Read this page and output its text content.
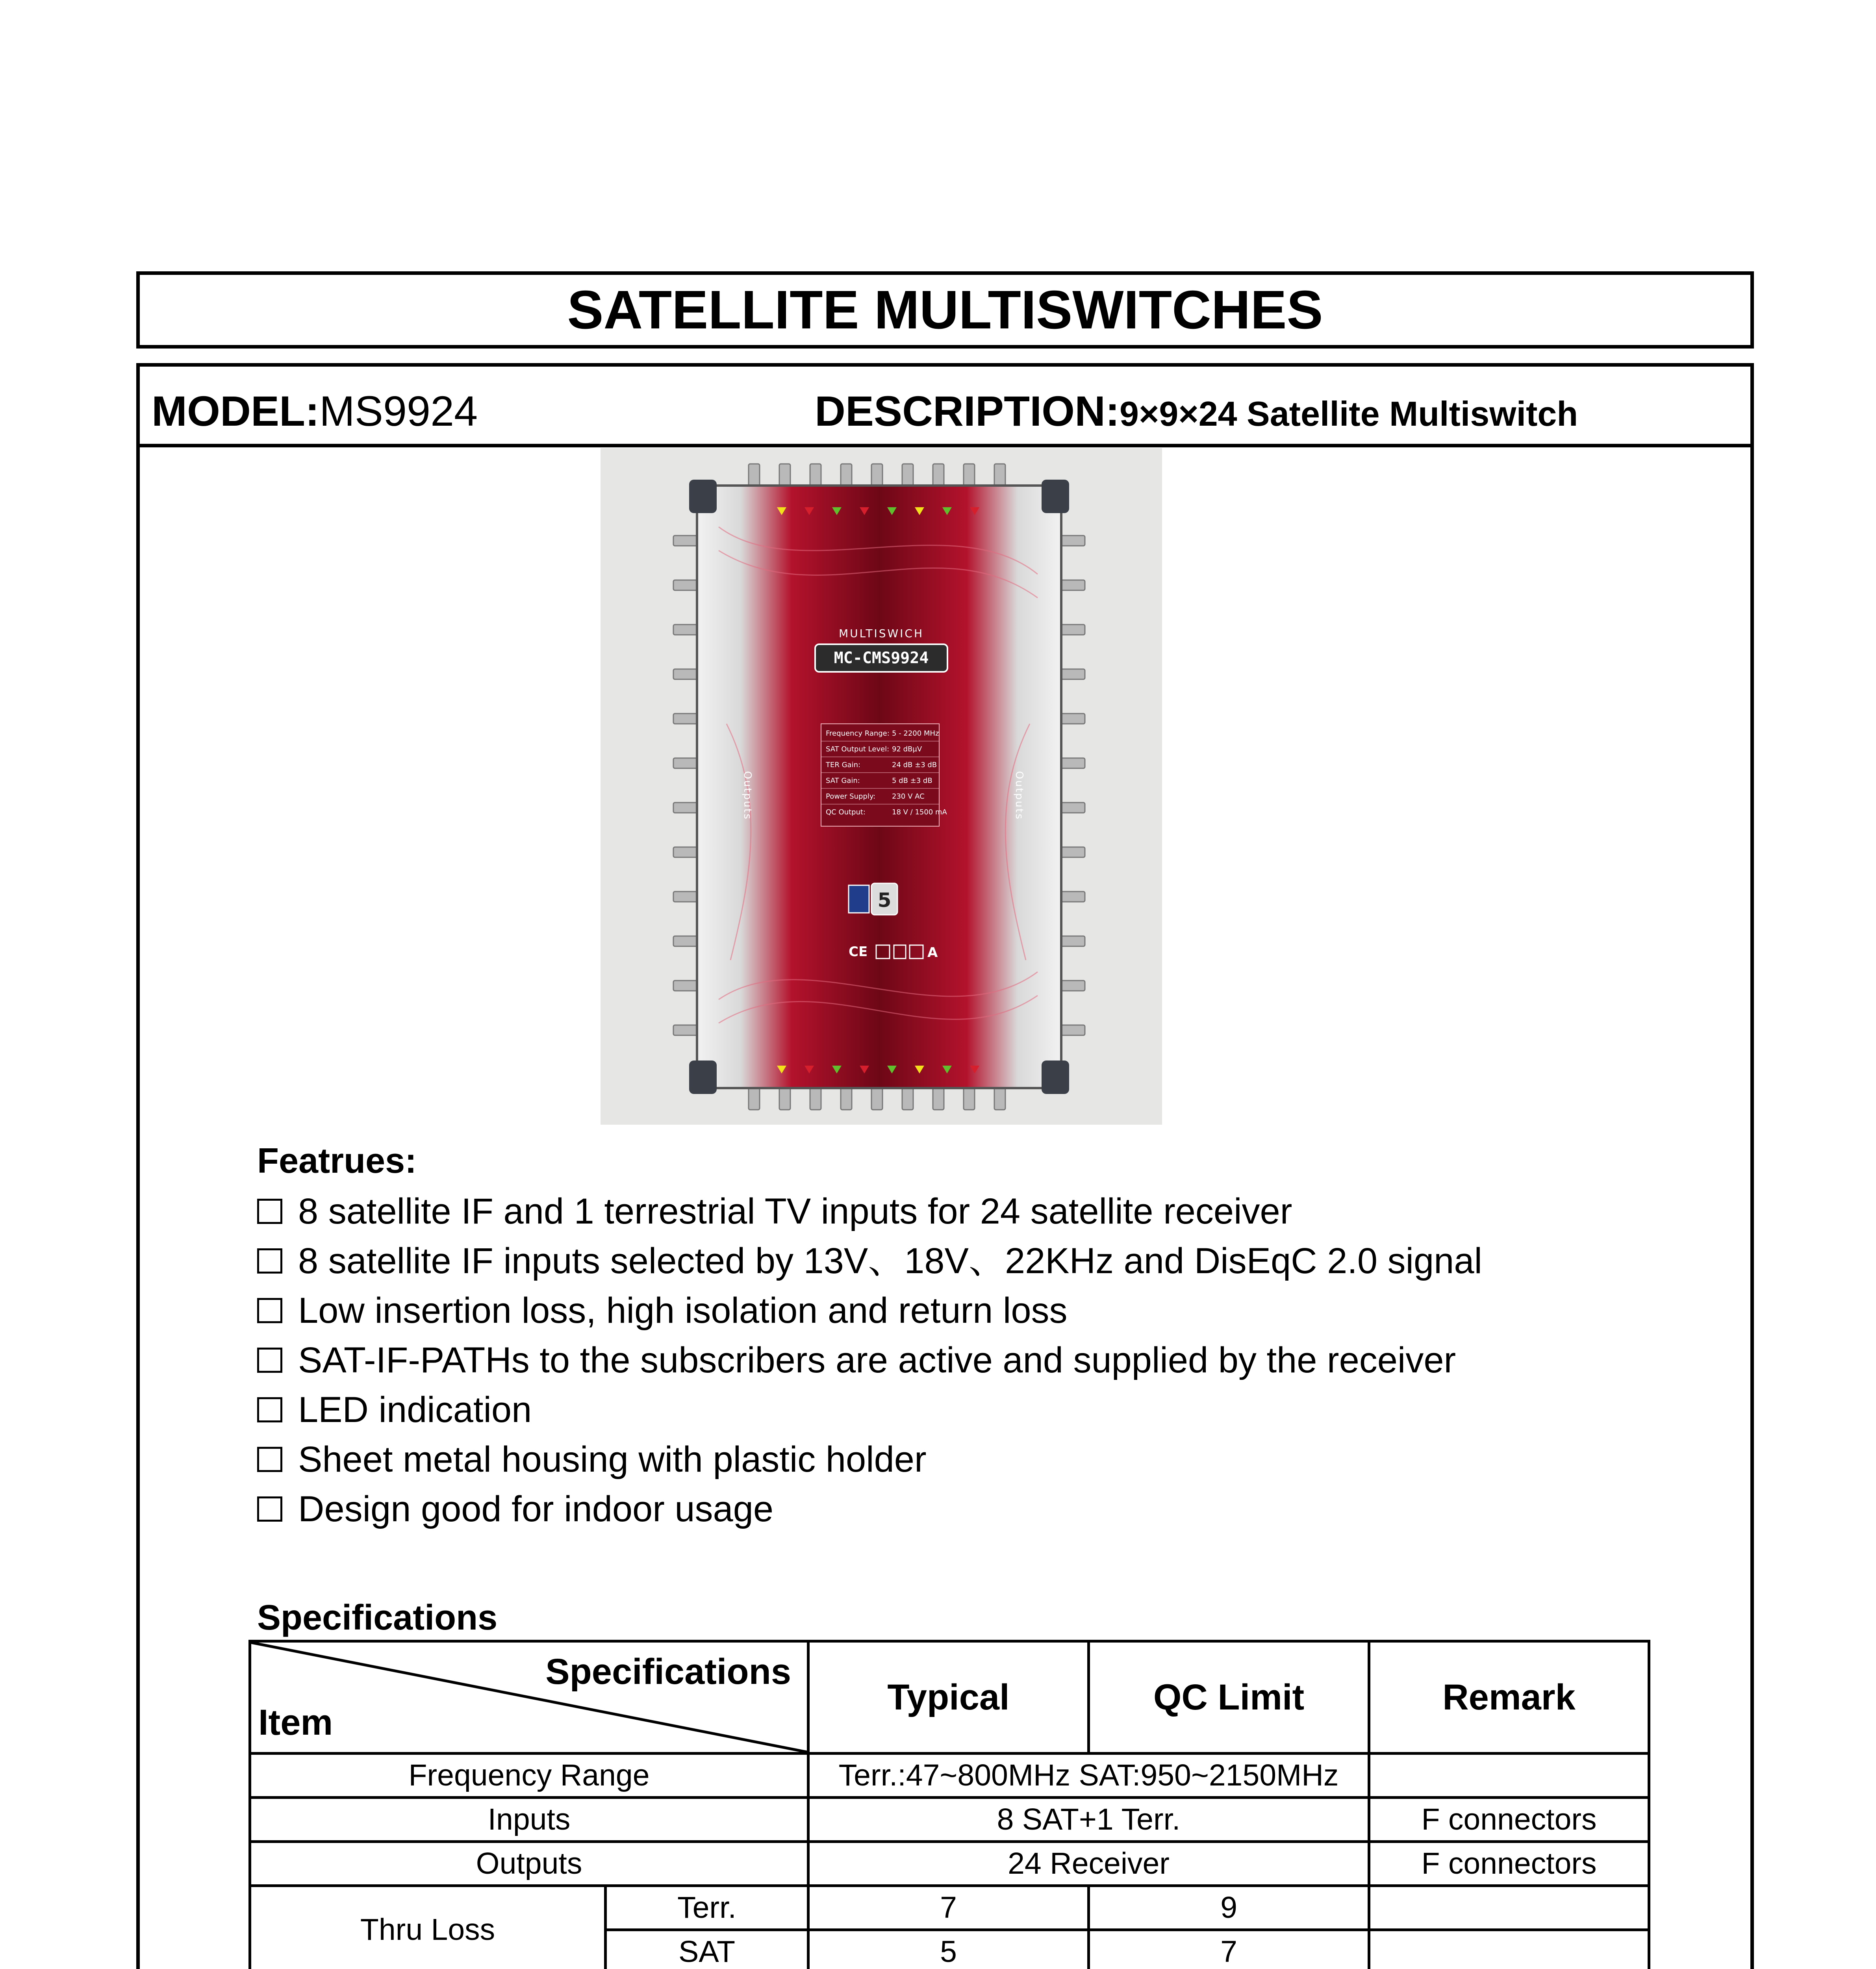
SATELLITE MULTISWITCHES
MODEL:MS9924	DESCRIPTION:9×9×24 Satellite Multiswitch
MULTISWICH
MC-CMS9924
Frequency Range: 5 - 2200 MHz
SAT Output Level: 92 dBµV
TER Gain:	24 dB ±3 dB
SAT Gain:	5 dB ±3 dB
Power Supply: 230 V AC
QC Output:	18 V / 1500 mA
5
CE	A
Outputs	Outputs
Featrues:
8 satellite IF and 1 terrestrial TV inputs for 24 satellite receiver
8 satellite IF inputs selected by 13V、18V、22KHz and DisEqC 2.0 signal
Low insertion loss, high isolation and return loss
SAT-IF-PATHs to the subscribers are active and supplied by the receiver
LED indication
Sheet metal housing with plastic holder
Design good for indoor usage
Specifications
Specifications
Item		Typical	QC Limit	Remark
Frequency Range		Terr.:47~800MHz SAT:950~2150MHz		
Inputs		8 SAT+1 Terr.		F connectors
Outputs		24 Receiver		F connectors
Thru Loss	Terr.	7	9	
	SAT	5	7	
